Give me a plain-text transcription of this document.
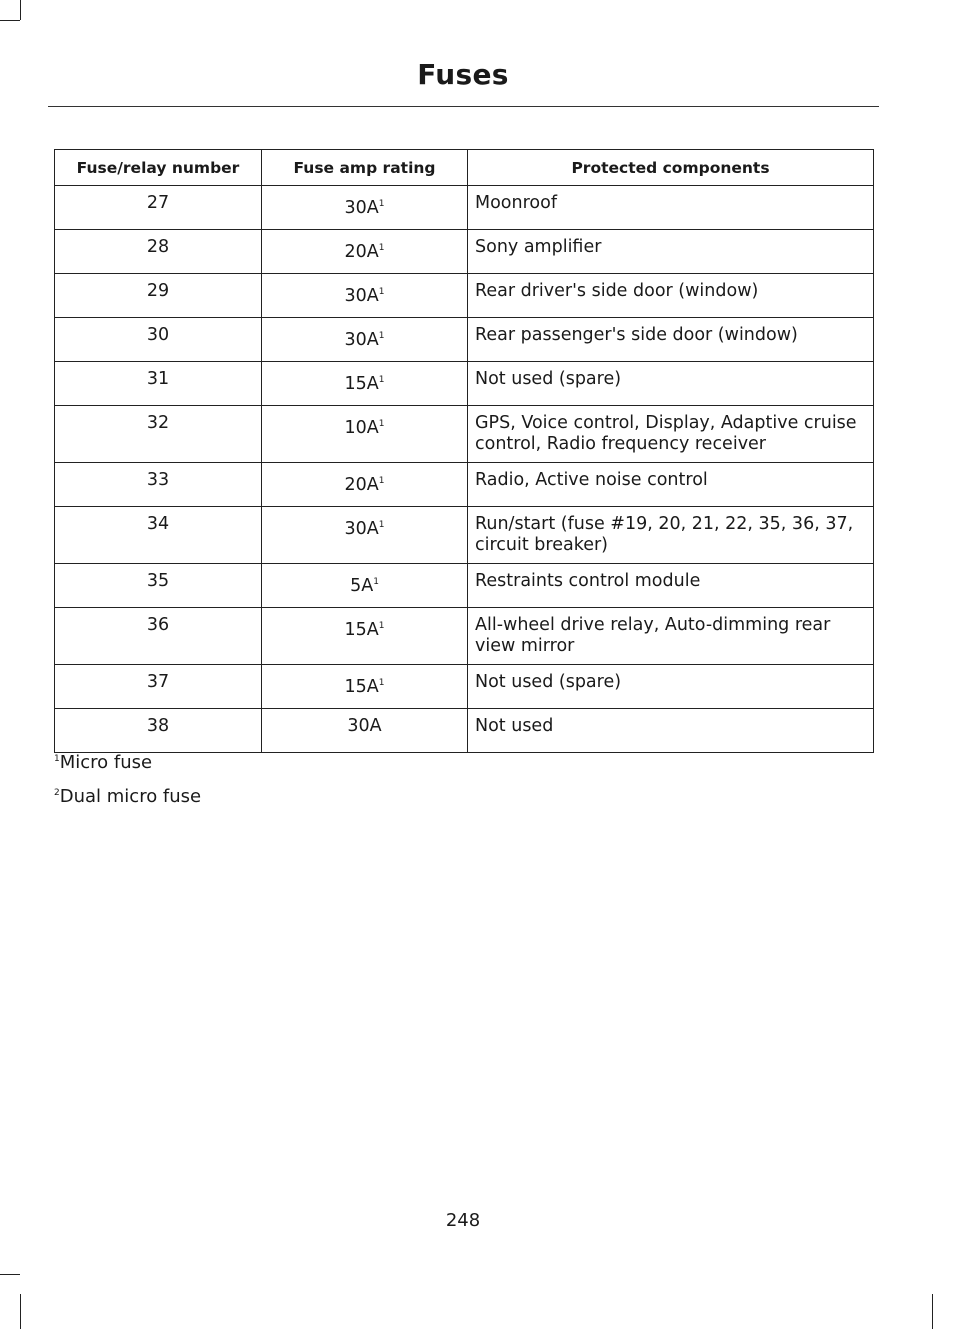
Fuses
Fuse/relay number	Fuse amp rating	Protected components
27	$30A^1$	Moonroof
28	$20A^1$	Sony amplifier
29	$30A^1$	Rear driver's side door (window)
30	$30A^1$	Rear passenger's side door (window)
31	$15A^1$	Not used (spare)
32	$10A^1$	GPS, Voice control, Display, Adaptive cruise control, Radio frequency receiver
33	$20A^1$	Radio, Active noise control
34	$30A^1$	Run/start (fuse #19, 20, 21, 22, 35, 36, 37, circuit breaker)
35	$5A^1$	Restraints control module
36	$15A^1$	All-wheel drive relay, Auto-dimming rear view mirror
37	$15A^1$	Not used (spare)
38	30A	Not used
$^1$Micro fuse
$^2$Dual micro fuse
248
